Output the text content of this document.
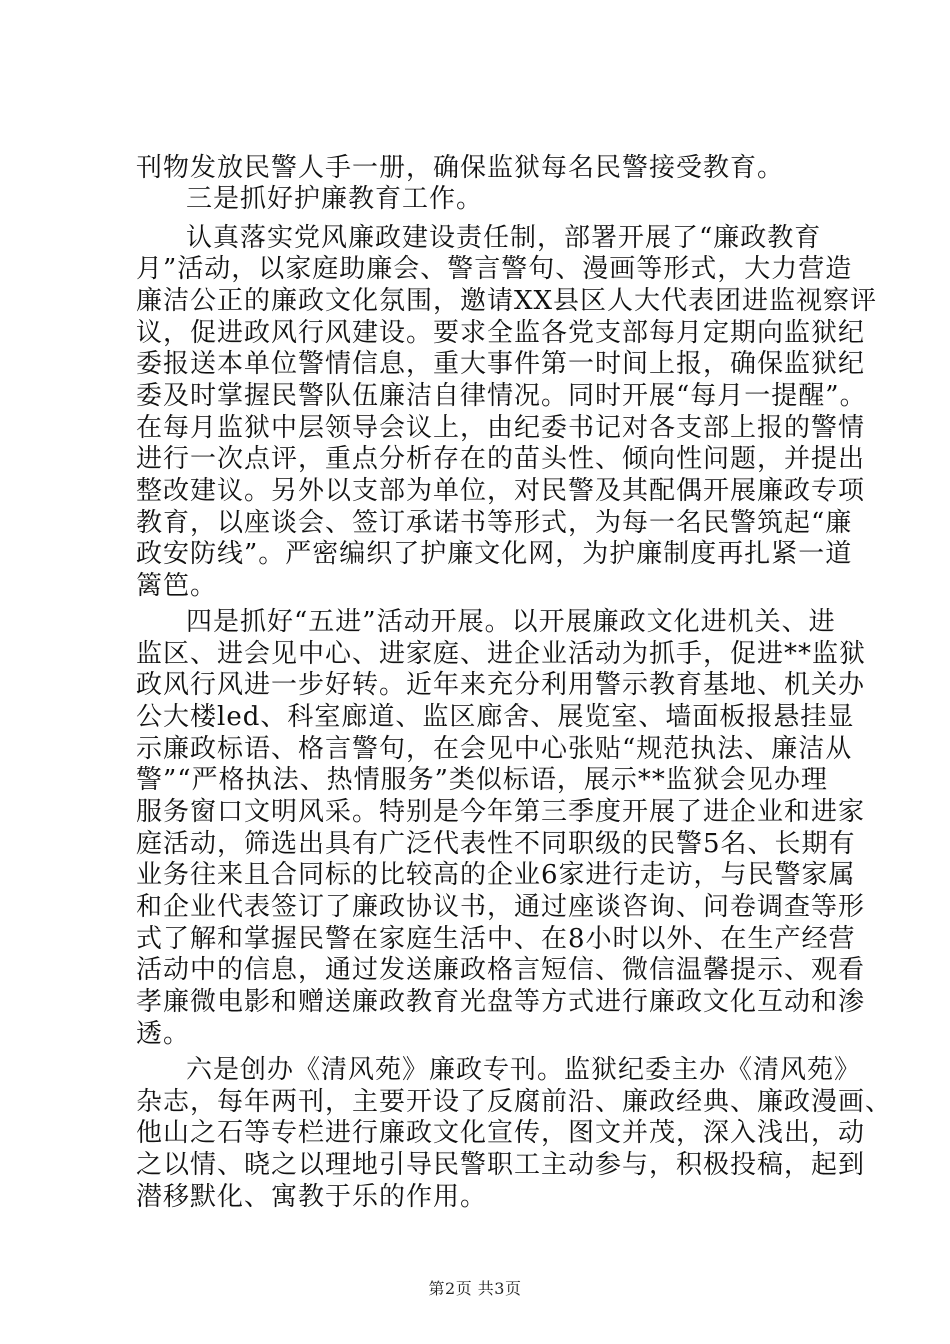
刊物发放民警人手一册，确保监狱每名民警接受教育。
三是抓好护廉教育工作。
认真落实党风廉政建设责任制，部署开展了“廉政教育
月”活动，以家庭助廉会、警言警句、漫画等形式，大力营造
廉洁公正的廉政文化氛围，邀请XX县区人大代表团进监视察评
议，促进政风行风建设。要求全监各党支部每月定期向监狱纪
委报送本单位警情信息，重大事件第一时间上报，确保监狱纪
委及时掌握民警队伍廉洁自律情况。同时开展“每月一提醒”。
在每月监狱中层领导会议上，由纪委书记对各支部上报的警情
进行一次点评，重点分析存在的苗头性、倾向性问题，并提出
整改建议。另外以支部为单位，对民警及其配偶开展廉政专项
教育，以座谈会、签订承诺书等形式，为每一名民警筑起“廉
政安防线”。严密编织了护廉文化网，为护廉制度再扎紧一道
篱笆。
四是抓好“五进”活动开展。以开展廉政文化进机关、进
监区、进会见中心、进家庭、进企业活动为抓手，促进**监狱
政风行风进一步好转。近年来充分利用警示教育基地、机关办
公大楼led、科室廊道、监区廊舍、展览室、墙面板报悬挂显
示廉政标语、格言警句，在会见中心张贴“规范执法、廉洁从
警”“严格执法、热情服务”类似标语，展示**监狱会见办理
服务窗口文明风采。特别是今年第三季度开展了进企业和进家
庭活动，筛选出具有广泛代表性不同职级的民警5名、长期有
业务往来且合同标的比较高的企业6家进行走访，与民警家属
和企业代表签订了廉政协议书，通过座谈咨询、问卷调查等形
式了解和掌握民警在家庭生活中、在8小时以外、在生产经营
活动中的信息，通过发送廉政格言短信、微信温馨提示、观看
孝廉微电影和赠送廉政教育光盘等方式进行廉政文化互动和渗
透。
六是创办《清风苑》廉政专刊。监狱纪委主办《清风苑》
杂志，每年两刊，主要开设了反腐前沿、廉政经典、廉政漫画、
他山之石等专栏进行廉政文化宣传，图文并茂，深入浅出，动
之以情、晓之以理地引导民警职工主动参与，积极投稿，起到
潜移默化、寓教于乐的作用。
第2页 共3页
